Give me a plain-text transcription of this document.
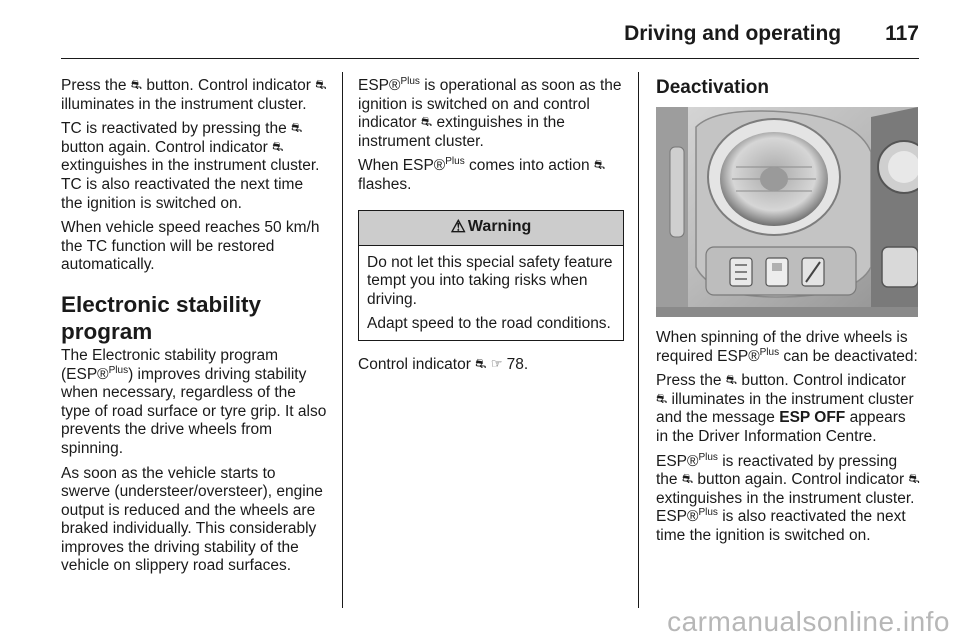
Driving and operating 117

Press the ⛐ button. Control indicator ⛐ illuminates in the instrument cluster.

TC is reactivated by pressing the ⛐ button again. Control indicator ⛐ extinguishes in the instrument cluster. TC is also reactivated the next time the ignition is switched on.

When vehicle speed reaches 50 km/h the TC function will be restored automatically.

Electronic stability program

The Electronic stability program (ESP®$^{Plus}$) improves driving stability when necessary, regardless of the type of road surface or tyre grip. It also prevents the drive wheels from spinning.

As soon as the vehicle starts to swerve (understeer/oversteer), engine output is reduced and the wheels are braked individually. This considerably improves the driving stability of the vehicle on slippery road surfaces.

ESP®$^{Plus}$ is operational as soon as the ignition is switched on and control indicator ⛐ extinguishes in the instrument cluster.

When ESP®$^{Plus}$ comes into action ⛐ flashes.

⚠ Warning

Do not let this special safety feature tempt you into taking risks when driving.

Adapt speed to the road conditions.

Control indicator ⛐ ☞ 78.

Deactivation

When spinning of the drive wheels is required ESP®$^{Plus}$ can be deactivated:

Press the ⛐ button. Control indicator ⛐ illuminates in the instrument cluster and the message ESP OFF appears in the Driver Information Centre.

ESP®$^{Plus}$ is reactivated by pressing the ⛐ button again. Control indicator ⛐ extinguishes in the instrument cluster. ESP®$^{Plus}$ is also reactivated the next time the ignition is switched on.

carmanualsonline.info
